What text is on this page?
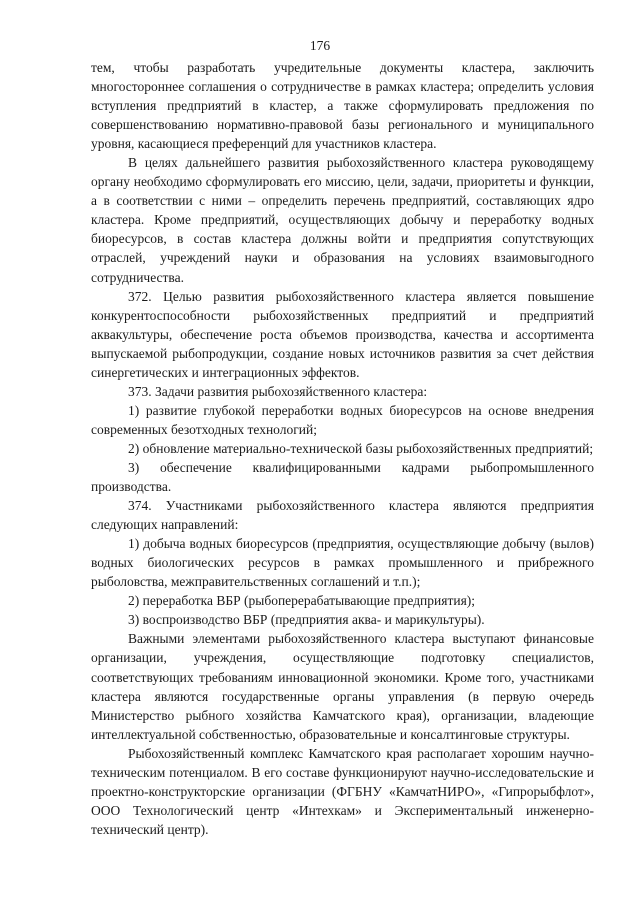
176

тем, чтобы разработать учредительные документы кластера, заключить многостороннее соглашения о сотрудничестве в рамках кластера; определить условия вступления предприятий в кластер, а также сформулировать предложения по совершенствованию нормативно-правовой базы регионального и муниципального уровня, касающиеся преференций для участников кластера.

В целях дальнейшего развития рыбохозяйственного кластера руководящему органу необходимо сформулировать его миссию, цели, задачи, приоритеты и функции, а в соответствии с ними – определить перечень предприятий, составляющих ядро кластера. Кроме предприятий, осуществляющих добычу и переработку водных биоресурсов, в состав кластера должны войти и предприятия сопутствующих отраслей, учреждений науки и образования на условиях взаимовыгодного сотрудничества.

372. Целью развития рыбохозяйственного кластера является повышение конкурентоспособности рыбохозяйственных предприятий и предприятий аквакультуры, обеспечение роста объемов производства, качества и ассортимента выпускаемой рыбопродукции, создание новых источников развития за счет действия синергетических и интеграционных эффектов.

373. Задачи развития рыбохозяйственного кластера:

1) развитие глубокой переработки водных биоресурсов на основе внедрения современных безотходных технологий;

2) обновление материально-технической базы рыбохозяйственных предприятий;

3) обеспечение квалифицированными кадрами рыбопромышленного производства.

374. Участниками рыбохозяйственного кластера являются предприятия следующих направлений:

1) добыча водных биоресурсов (предприятия, осуществляющие добычу (вылов) водных биологических ресурсов в рамках промышленного и прибрежного рыболовства, межправительственных соглашений и т.п.);

2) переработка ВБР (рыбоперерабатывающие предприятия);

3) воспроизводство ВБР (предприятия аква- и марикультуры).

Важными элементами рыбохозяйственного кластера выступают финансовые организации, учреждения, осуществляющие подготовку специалистов, соответствующих требованиям инновационной экономики. Кроме того, участниками кластера являются государственные органы управления (в первую очередь Министерство рыбного хозяйства Камчатского края), организации, владеющие интеллектуальной собственностью, образовательные и консалтинговые структуры.

Рыбохозяйственный комплекс Камчатского края располагает хорошим научно-техническим потенциалом. В его составе функционируют научно-исследовательские и проектно-конструкторские организации (ФГБНУ «КамчатНИРО», «Гипрорыбфлот», ООО Технологический центр «Интехкам» и Экспериментальный инженерно-технический центр).
